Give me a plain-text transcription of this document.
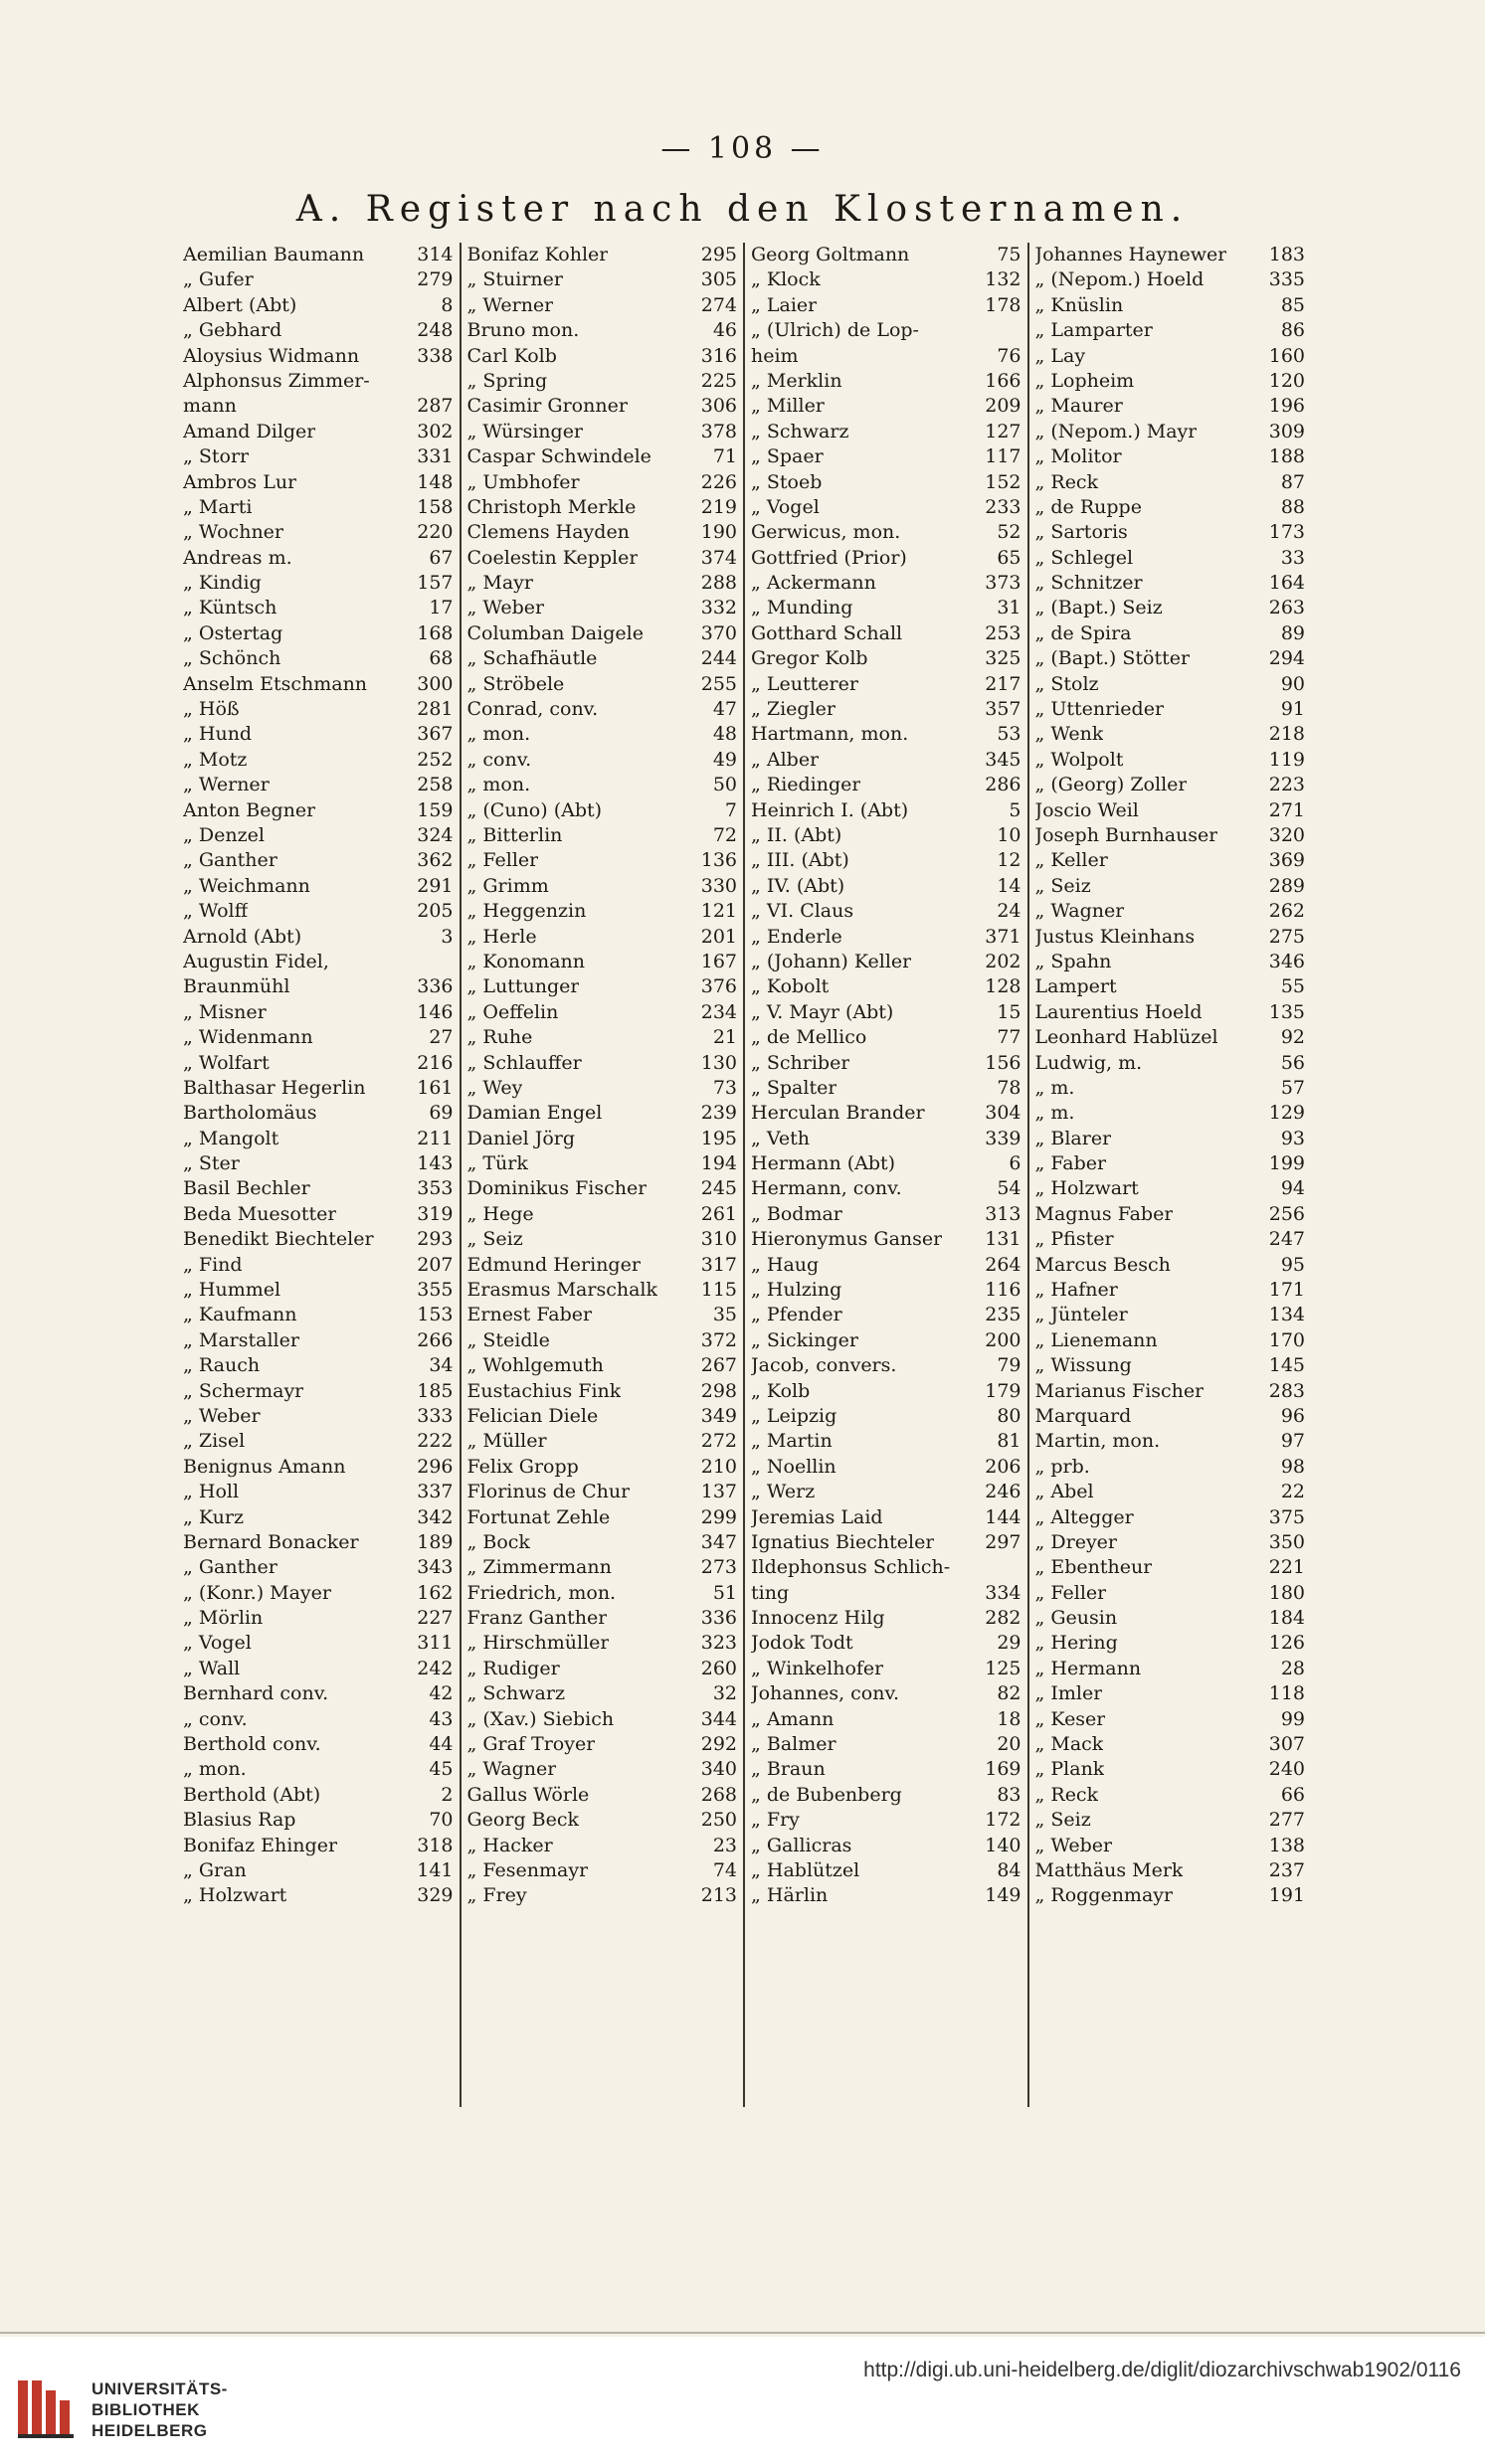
— 108 —
A. Register nach den Klosternamen.
Aemilian Baumann	314
„ Gufer	279
Albert (Abt)	8
„ Gebhard	248
Aloysius Widmann	338
Alphonsus Zimmer-
mann	287
Amand Dilger	302
„ Storr	331
Ambros Lur	148
„ Marti	158
„ Wochner	220
Andreas m.	67
„ Kindig	157
„ Küntsch	17
„ Ostertag	168
„ Schönch	68
Anselm Etschmann	300
„ Höß	281
„ Hund	367
„ Motz	252
„ Werner	258
Anton Begner	159
„ Denzel	324
„ Ganther	362
„ Weichmann	291
„ Wolff	205
Arnold (Abt)	3
Augustin Fidel,
Braunmühl	336
„ Misner	146
„ Widenmann	27
„ Wolfart	216
Balthasar Hegerlin	161
Bartholomäus	69
„ Mangolt	211
„ Ster	143
Basil Bechler	353
Beda Muesotter	319
Benedikt Biechteler 293
„ Find	207
„ Hummel	355
„ Kaufmann	153
„ Marstaller	266
„ Rauch	34
„ Schermayr	185
„ Weber	333
„ Zisel	222
Benignus Amann	296
„ Holl	337
„ Kurz	342
Bernard Bonacker	189
„ Ganther	343
„ (Konr.) Mayer	162
„ Mörlin	227
„ Vogel	311
„ Wall	242
Bernhard conv.	42
„ conv.	43
Berthold conv.	44
„ mon.	45
Berthold (Abt)	2
Blasius Rap	70
Bonifaz Ehinger	318
„ Gran	141
„ Holzwart	329
Bonifaz Kohler	295
„ Stuirner	305
„ Werner	274
Bruno mon.	46
Carl Kolb	316
„ Spring	225
Casimir Gronner	306
„ Würsinger	378
Caspar Schwindele	71
„ Umbhofer	226
Christoph Merkle	219
Clemens Hayden	190
Coelestin Keppler	374
„ Mayr	288
„ Weber	332
Columban Daigele	370
„ Schafhäutle	244
„ Ströbele	255
Conrad, conv.	47
„ mon.	48
„ conv.	49
„ mon.	50
„ (Cuno) (Abt)	7
„ Bitterlin	72
„ Feller	136
„ Grimm	330
„ Heggenzin	121
„ Herle	201
„ Konomann	167
„ Luttunger	376
„ Oeffelin	234
„ Ruhe	21
„ Schlauffer	130
„ Wey	73
Damian Engel	239
Daniel Jörg	195
„ Türk	194
Dominikus Fischer	245
„ Hege	261
„ Seiz	310
Edmund Heringer	317
Erasmus Marschalk 115
Ernest Faber	35
„ Steidle	372
„ Wohlgemuth	267
Eustachius Fink	298
Felician Diele	349
„ Müller	272
Felix Gropp	210
Florinus de Chur	137
Fortunat Zehle	299
„ Bock	347
„ Zimmermann	273
Friedrich, mon.	51
Franz Ganther	336
„ Hirschmüller	323
„ Rudiger	260
„ Schwarz	32
„ (Xav.) Siebich	344
„ Graf Troyer	292
„ Wagner	340
Gallus Wörle	268
Georg Beck	250
„ Hacker	23
„ Fesenmayr	74
„ Frey	213
Georg Goltmann	75
„ Klock	132
„ Laier	178
„ (Ulrich) de Lop-
heim	76
„ Merklin	166
„ Miller	209
„ Schwarz	127
„ Spaer	117
„ Stoeb	152
„ Vogel	233
Gerwicus, mon.	52
Gottfried (Prior)	65
„ Ackermann	373
„ Munding	31
Gotthard Schall	253
Gregor Kolb	325
„ Leutterer	217
„ Ziegler	357
Hartmann, mon.	53
„ Alber	345
„ Riedinger	286
Heinrich I. (Abt)	5
„ II. (Abt)	10
„ III. (Abt)	12
„ IV. (Abt)	14
„ VI. Claus	24
„ Enderle	371
„ (Johann) Keller	202
„ Kobolt	128
„ V. Mayr (Abt)	15
„ de Mellico	77
„ Schriber	156
„ Spalter	78
Herculan Brander	304
„ Veth	339
Hermann (Abt)	6
Hermann, conv.	54
„ Bodmar	313
Hieronymus Ganser 131
„ Haug	264
„ Hulzing	116
„ Pfender	235
„ Sickinger	200
Jacob, convers.	79
„ Kolb	179
„ Leipzig	80
„ Martin	81
„ Noellin	206
„ Werz	246
Jeremias Laid	144
Ignatius Biechteler	297
Ildephonsus Schlich-
ting	334
Innocenz Hilg	282
Jodok Todt	29
„ Winkelhofer	125
Johannes, conv.	82
„ Amann	18
„ Balmer	20
„ Braun	169
„ de Bubenberg	83
„ Fry	172
„ Gallicras	140
„ Hablützel	84
„ Härlin	149
Johannes Haynewer 183
„ (Nepom.) Hoeld	335
„ Knüslin	85
„ Lamparter	86
„ Lay	160
„ Lopheim	120
„ Maurer	196
„ (Nepom.) Mayr	309
„ Molitor	188
„ Reck	87
„ de Ruppe	88
„ Sartoris	173
„ Schlegel	33
„ Schnitzer	164
„ (Bapt.) Seiz	263
„ de Spira	89
„ (Bapt.) Stötter	294
„ Stolz	90
„ Uttenrieder	91
„ Wenk	218
„ Wolpolt	119
„ (Georg) Zoller	223
Joscio Weil	271
Joseph Burnhauser	320
„ Keller	369
„ Seiz	289
„ Wagner	262
Justus Kleinhans	275
„ Spahn	346
Lampert	55
Laurentius Hoeld	135
Leonhard Hablüzel	92
Ludwig, m.	56
„ m.	57
„ m.	129
„ Blarer	93
„ Faber	199
„ Holzwart	94
Magnus Faber	256
„ Pfister	247
Marcus Besch	95
„ Hafner	171
„ Jünteler	134
„ Lienemann	170
„ Wissung	145
Marianus Fischer	283
Marquard	96
Martin, mon.	97
„ prb.	98
„ Abel	22
„ Altegger	375
„ Dreyer	350
„ Ebentheur	221
„ Feller	180
„ Geusin	184
„ Hering	126
„ Hermann	28
„ Imler	118
„ Keser	99
„ Mack	307
„ Plank	240
„ Reck	66
„ Seiz	277
„ Weber	138
Matthäus Merk	237
„ Roggenmayr	191
UNIVERSITÄTS-
BIBLIOTHEK
HEIDELBERG
http://digi.ub.uni-heidelberg.de/diglit/diozarchivschwab1902/0116
